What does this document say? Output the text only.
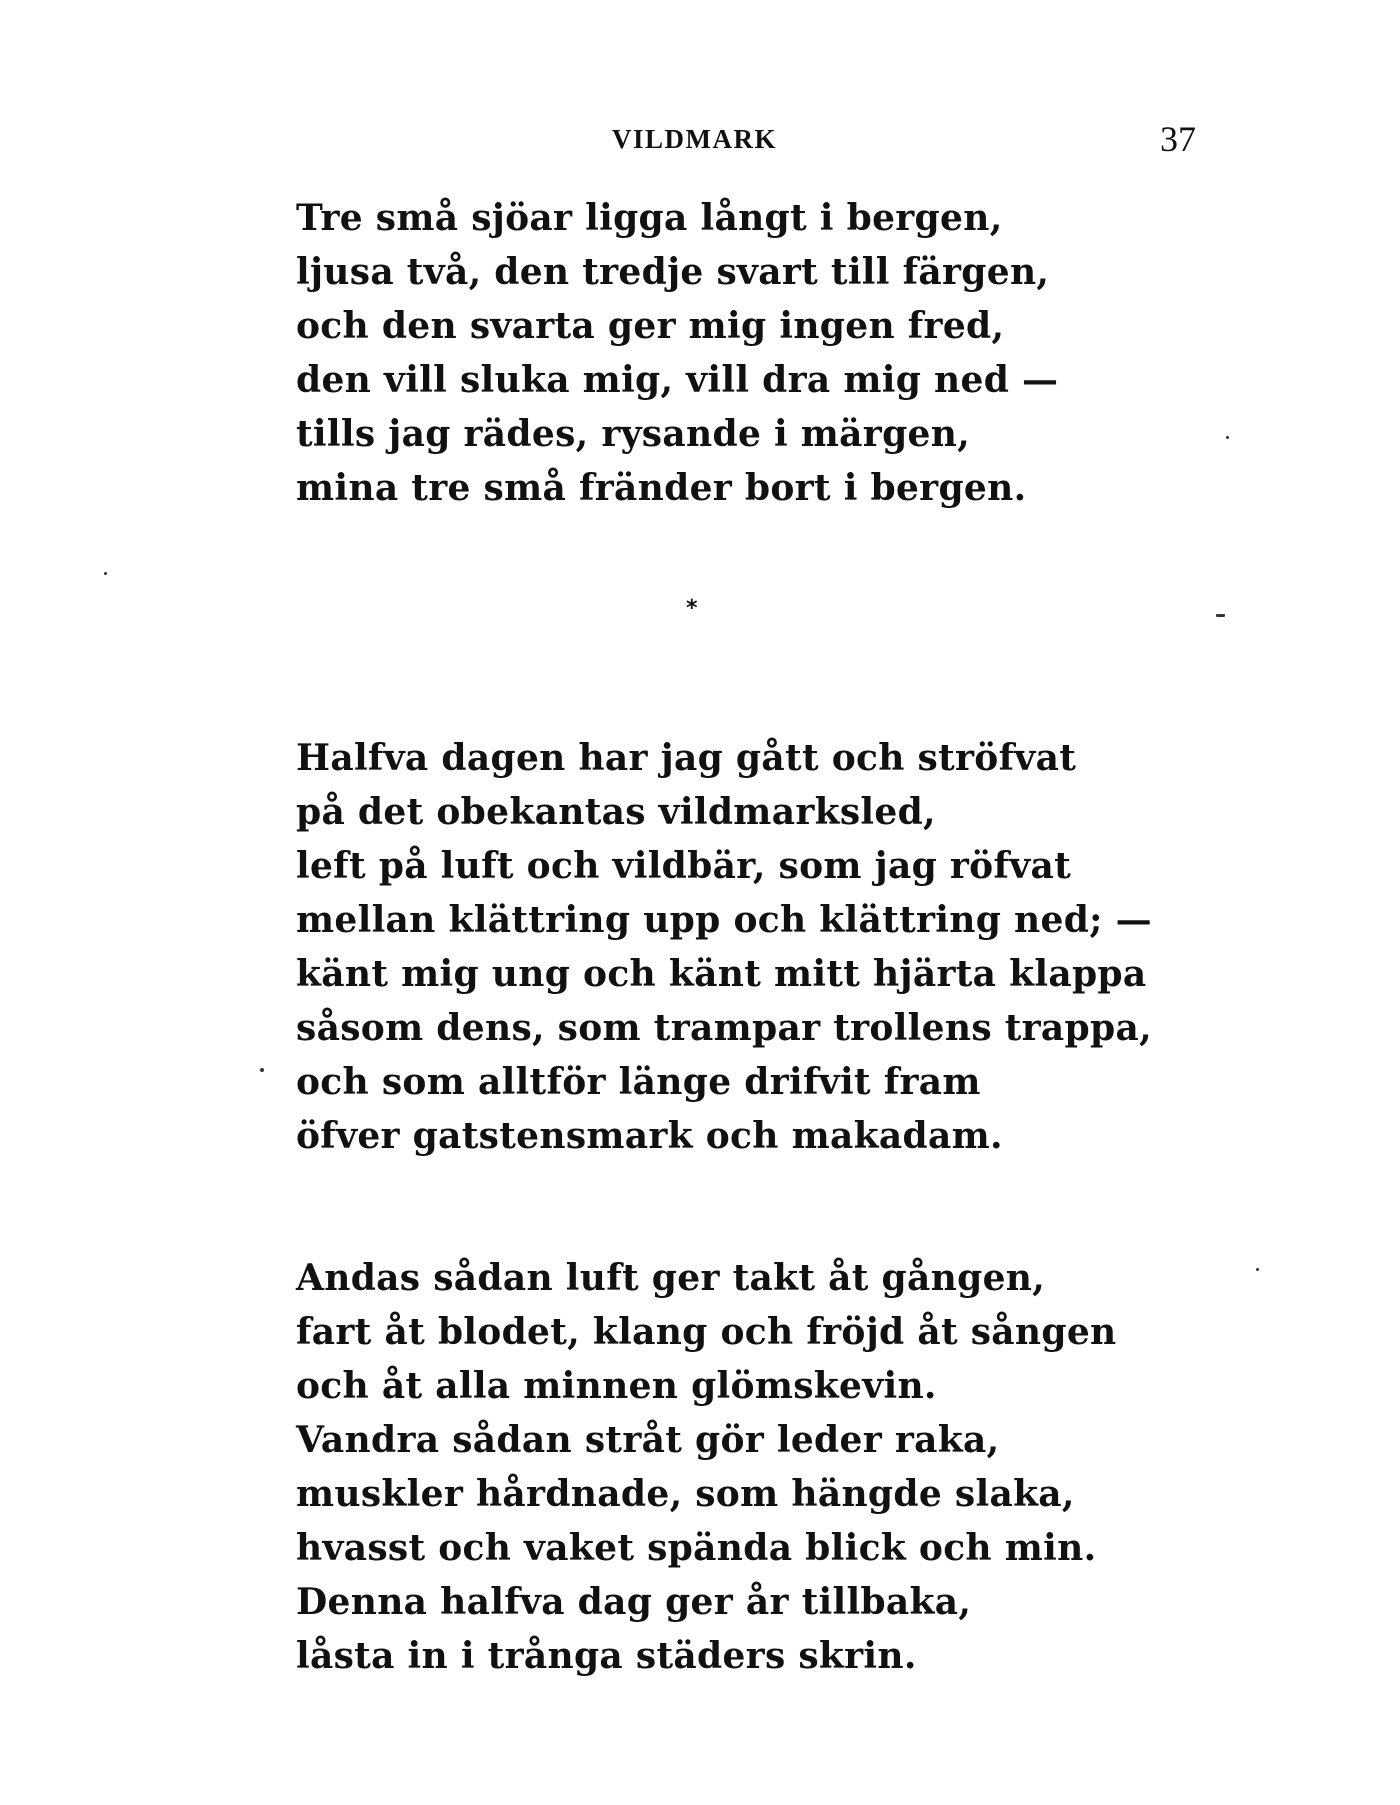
VILDMARK	37
Tre små sjöar ligga långt i bergen,
ljusa två, den tredje svart till färgen,
och den svarta ger mig ingen fred,
den vill sluka mig, vill dra mig ned —
tills jag rädes, rysande i märgen,
mina tre små fränder bort i bergen.
*
Halfva dagen har jag gått och ströfvat
på det obekantas vildmarksled,
left på luft och vildbär, som jag röfvat
mellan klättring upp och klättring ned; —
känt mig ung och känt mitt hjärta klappa
såsom dens, som trampar trollens trappa,
och som alltför länge drifvit fram
öfver gatstensmark och makadam.
Andas sådan luft ger takt åt gången,
fart åt blodet, klang och fröjd åt sången
och åt alla minnen glömskevin.
Vandra sådan stråt gör leder raka,
muskler hårdnade, som hängde slaka,
hvasst och vaket spända blick och min.
Denna halfva dag ger år tillbaka,
låsta in i trånga städers skrin.
